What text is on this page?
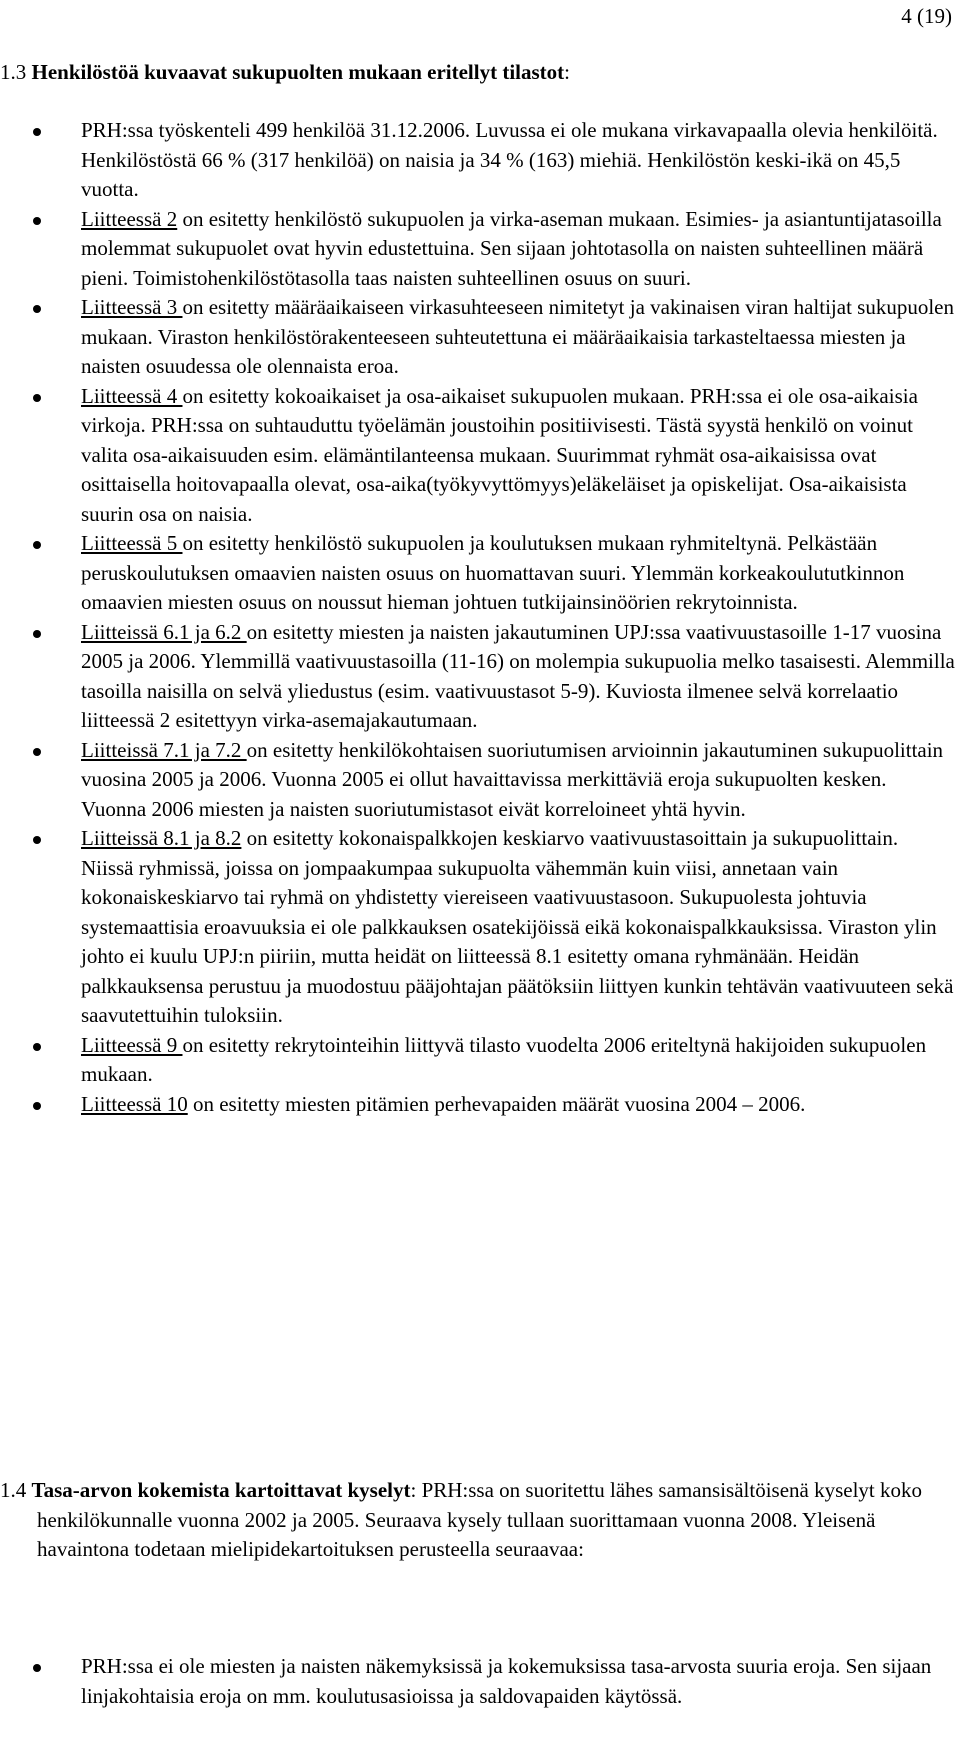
4 (19)
1.3 Henkilöstöä kuvaavat sukupuolten mukaan eritellyt tilastot:
PRH:ssa työskenteli 499 henkilöä 31.12.2006. Luvussa ei ole mukana virkavapaalla olevia henkilöitä. Henkilöstöstä 66 % (317 henkilöä) on naisia ja 34 % (163) miehiä. Henkilöstön keski-ikä on 45,5 vuotta.
Liitteessä 2 on esitetty henkilöstö sukupuolen ja virka-aseman mukaan. Esimies- ja asiantuntijatasoilla molemmat sukupuolet ovat hyvin edustettuina. Sen sijaan johtotasolla on naisten suhteellinen määrä pieni. Toimistohenkilöstötasolla taas naisten suhteellinen osuus on suuri.
Liitteessä 3 on esitetty määräaikaiseen virkasuhteeseen nimitetyt ja vakinaisen viran haltijat sukupuolen mukaan. Viraston henkilöstörakenteeseen suhteutettuna ei määräaikaisia tarkasteltaessa miesten ja naisten osuudessa ole olennaista eroa.
Liitteessä 4 on esitetty kokoaikaiset ja osa-aikaiset sukupuolen mukaan. PRH:ssa ei ole osa-aikaisia virkoja. PRH:ssa on suhtauduttu työelämän joustoihin positiivisesti. Tästä syystä henkilö on voinut valita osa-aikaisuuden esim. elämäntilanteensa mukaan. Suurimmat ryhmät osa-aikaisissa ovat osittaisella hoitovapaalla olevat, osa-aika(työkyvyttömyys)eläkeläiset ja opiskelijat. Osa-aikaisista suurin osa on naisia.
Liitteessä 5 on esitetty henkilöstö sukupuolen ja koulutuksen mukaan ryhmiteltynä. Pelkästään peruskoulutuksen omaavien naisten osuus on huomattavan suuri. Ylemmän korkeakoulututkinnon omaavien miesten osuus on noussut hieman johtuen tutkijainsinöörien rekrytoinnista.
Liitteissä 6.1 ja 6.2 on esitetty miesten ja naisten jakautuminen UPJ:ssa vaativuustasoille 1-17 vuosina 2005 ja 2006. Ylemmillä vaativuustasoilla (11-16) on molempia sukupuolia melko tasaisesti. Alemmilla tasoilla naisilla on selvä yliedustus (esim. vaativuustasot 5-9). Kuviosta ilmenee selvä korrelaatio liitteessä 2 esitettyyn virka-asemajakautumaan.
Liitteissä 7.1 ja 7.2 on esitetty henkilökohtaisen suoriutumisen arvioinnin jakautuminen sukupuolittain vuosina 2005 ja 2006. Vuonna 2005 ei ollut havaittavissa merkittäviä eroja sukupuolten kesken. Vuonna 2006 miesten ja naisten suoriutumistasot eivät korreloineet yhtä hyvin.
Liitteissä 8.1 ja 8.2 on esitetty kokonaispalkkojen keskiarvo vaativuustasoittain ja sukupuolittain. Niissä ryhmissä, joissa on jompaakumpaa sukupuolta vähemmän kuin viisi, annetaan vain kokonaiskeskiarvo tai ryhmä on yhdistetty viereiseen vaativuustasoon. Sukupuolesta johtuvia systemaattisia eroavuuksia ei ole palkkauksen osatekijöissä eikä kokonaispalkkauksissa. Viraston ylin johto ei kuulu UPJ:n piiriin, mutta heidät on liitteessä 8.1 esitetty omana ryhmänään. Heidän palkkauksensa perustuu ja muodostuu pääjohtajan päätöksiin liittyen kunkin tehtävän vaativuuteen sekä saavutettuihin tuloksiin.
Liitteessä 9 on esitetty rekrytointeihin liittyvä tilasto vuodelta 2006 eriteltynä hakijoiden sukupuolen mukaan.
Liitteessä 10 on esitetty miesten pitämien perhevapaiden määrät vuosina 2004 – 2006.
1.4 Tasa-arvon kokemista kartoittavat kyselyt: PRH:ssa on suoritettu lähes samansisältöisenä kyselyt koko henkilökunnalle vuonna 2002 ja 2005. Seuraava kysely tullaan suorittamaan vuonna 2008. Yleisenä havaintona todetaan mielipidekartoituksen perusteella seuraavaa:
PRH:ssa ei ole miesten ja naisten näkemyksissä ja kokemuksissa tasa-arvosta suuria eroja. Sen sijaan linjakohtaisia eroja on mm. koulutusasioissa ja saldovapaiden käytössä.
